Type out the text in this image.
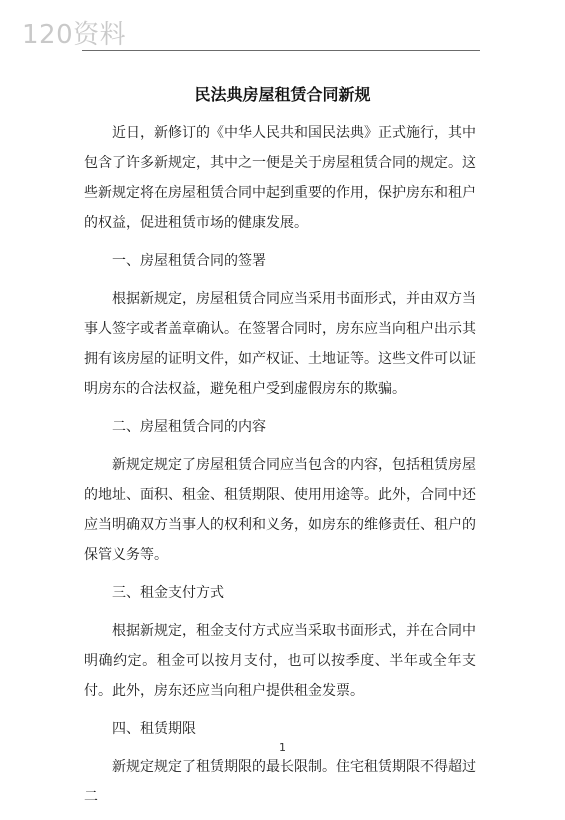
120资料
民法典房屋租赁合同新规

近日，新修订的《中华人民共和国民法典》正式施行，其中包含了许多新规定，其中之一便是关于房屋租赁合同的规定。这些新规定将在房屋租赁合同中起到重要的作用，保护房东和租户的权益，促进租赁市场的健康发展。

一、房屋租赁合同的签署

根据新规定，房屋租赁合同应当采用书面形式，并由双方当事人签字或者盖章确认。在签署合同时，房东应当向租户出示其拥有该房屋的证明文件，如产权证、土地证等。这些文件可以证明房东的合法权益，避免租户受到虚假房东的欺骗。

二、房屋租赁合同的内容

新规定规定了房屋租赁合同应当包含的内容，包括租赁房屋的地址、面积、租金、租赁期限、使用用途等。此外，合同中还应当明确双方当事人的权利和义务，如房东的维修责任、租户的保管义务等。

三、租金支付方式

根据新规定，租金支付方式应当采取书面形式，并在合同中明确约定。租金可以按月支付，也可以按季度、半年或全年支付。此外，房东还应当向租户提供租金发票。

四、租赁期限

新规定规定了租赁期限的最长限制。住宅租赁期限不得超过二

1
